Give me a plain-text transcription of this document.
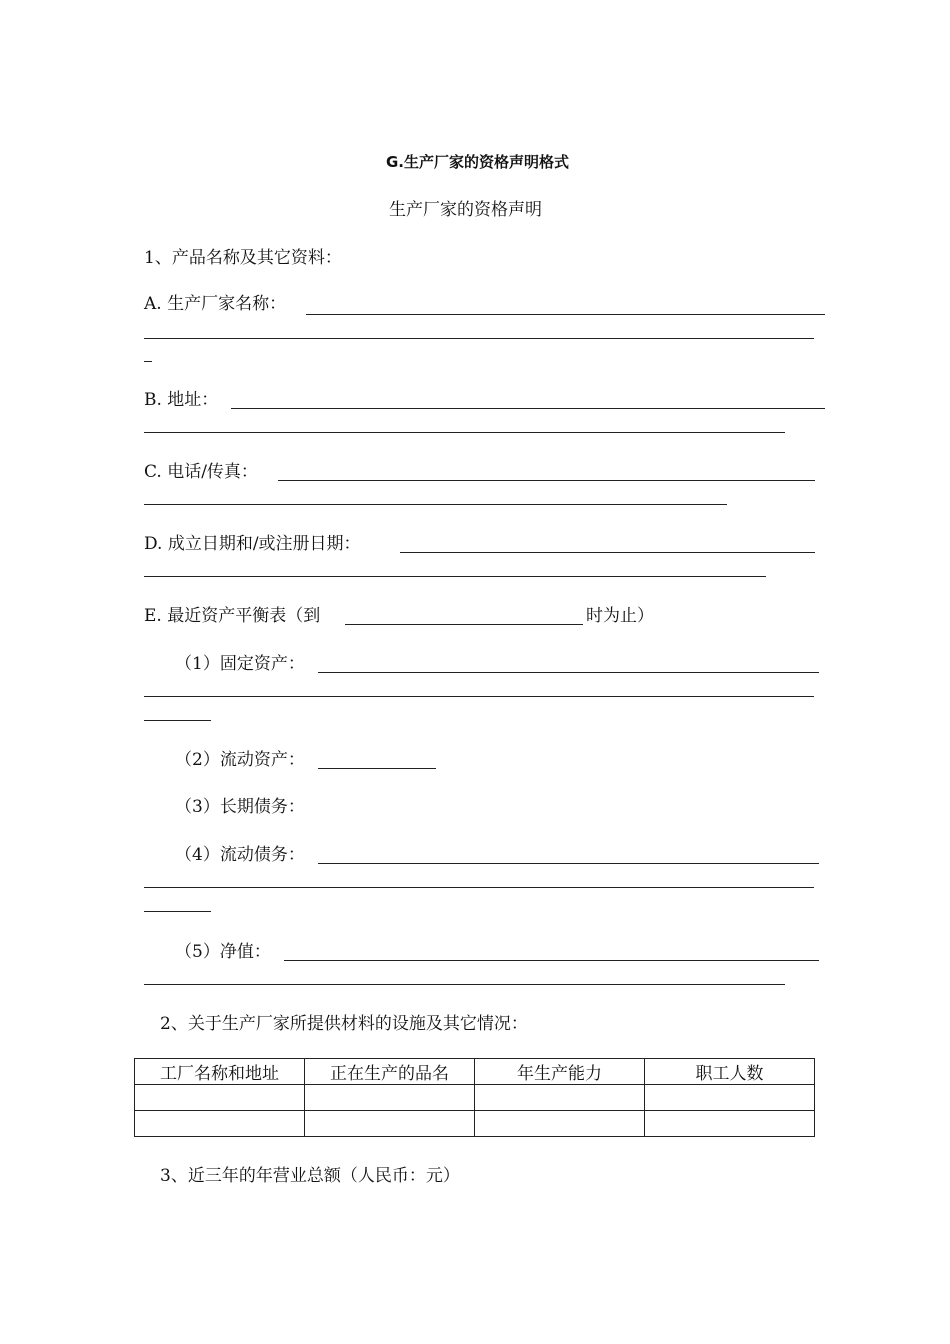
G.生产厂家的资格声明格式
生产厂家的资格声明
1、产品名称及其它资料：
A. 生产厂家名称：
B. 地址：
C. 电话/传真：
D. 成立日期和/或注册日期：
E. 最近资产平衡表（到	时为止）
（1）固定资产：
（2）流动资产：
（3）长期债务：
（4）流动债务：
（5）净值：
2、关于生产厂家所提供材料的设施及其它情况：
工厂名称和地址	正在生产的品名	年生产能力	职工人数

3、近三年的年营业总额（人民币：元）
